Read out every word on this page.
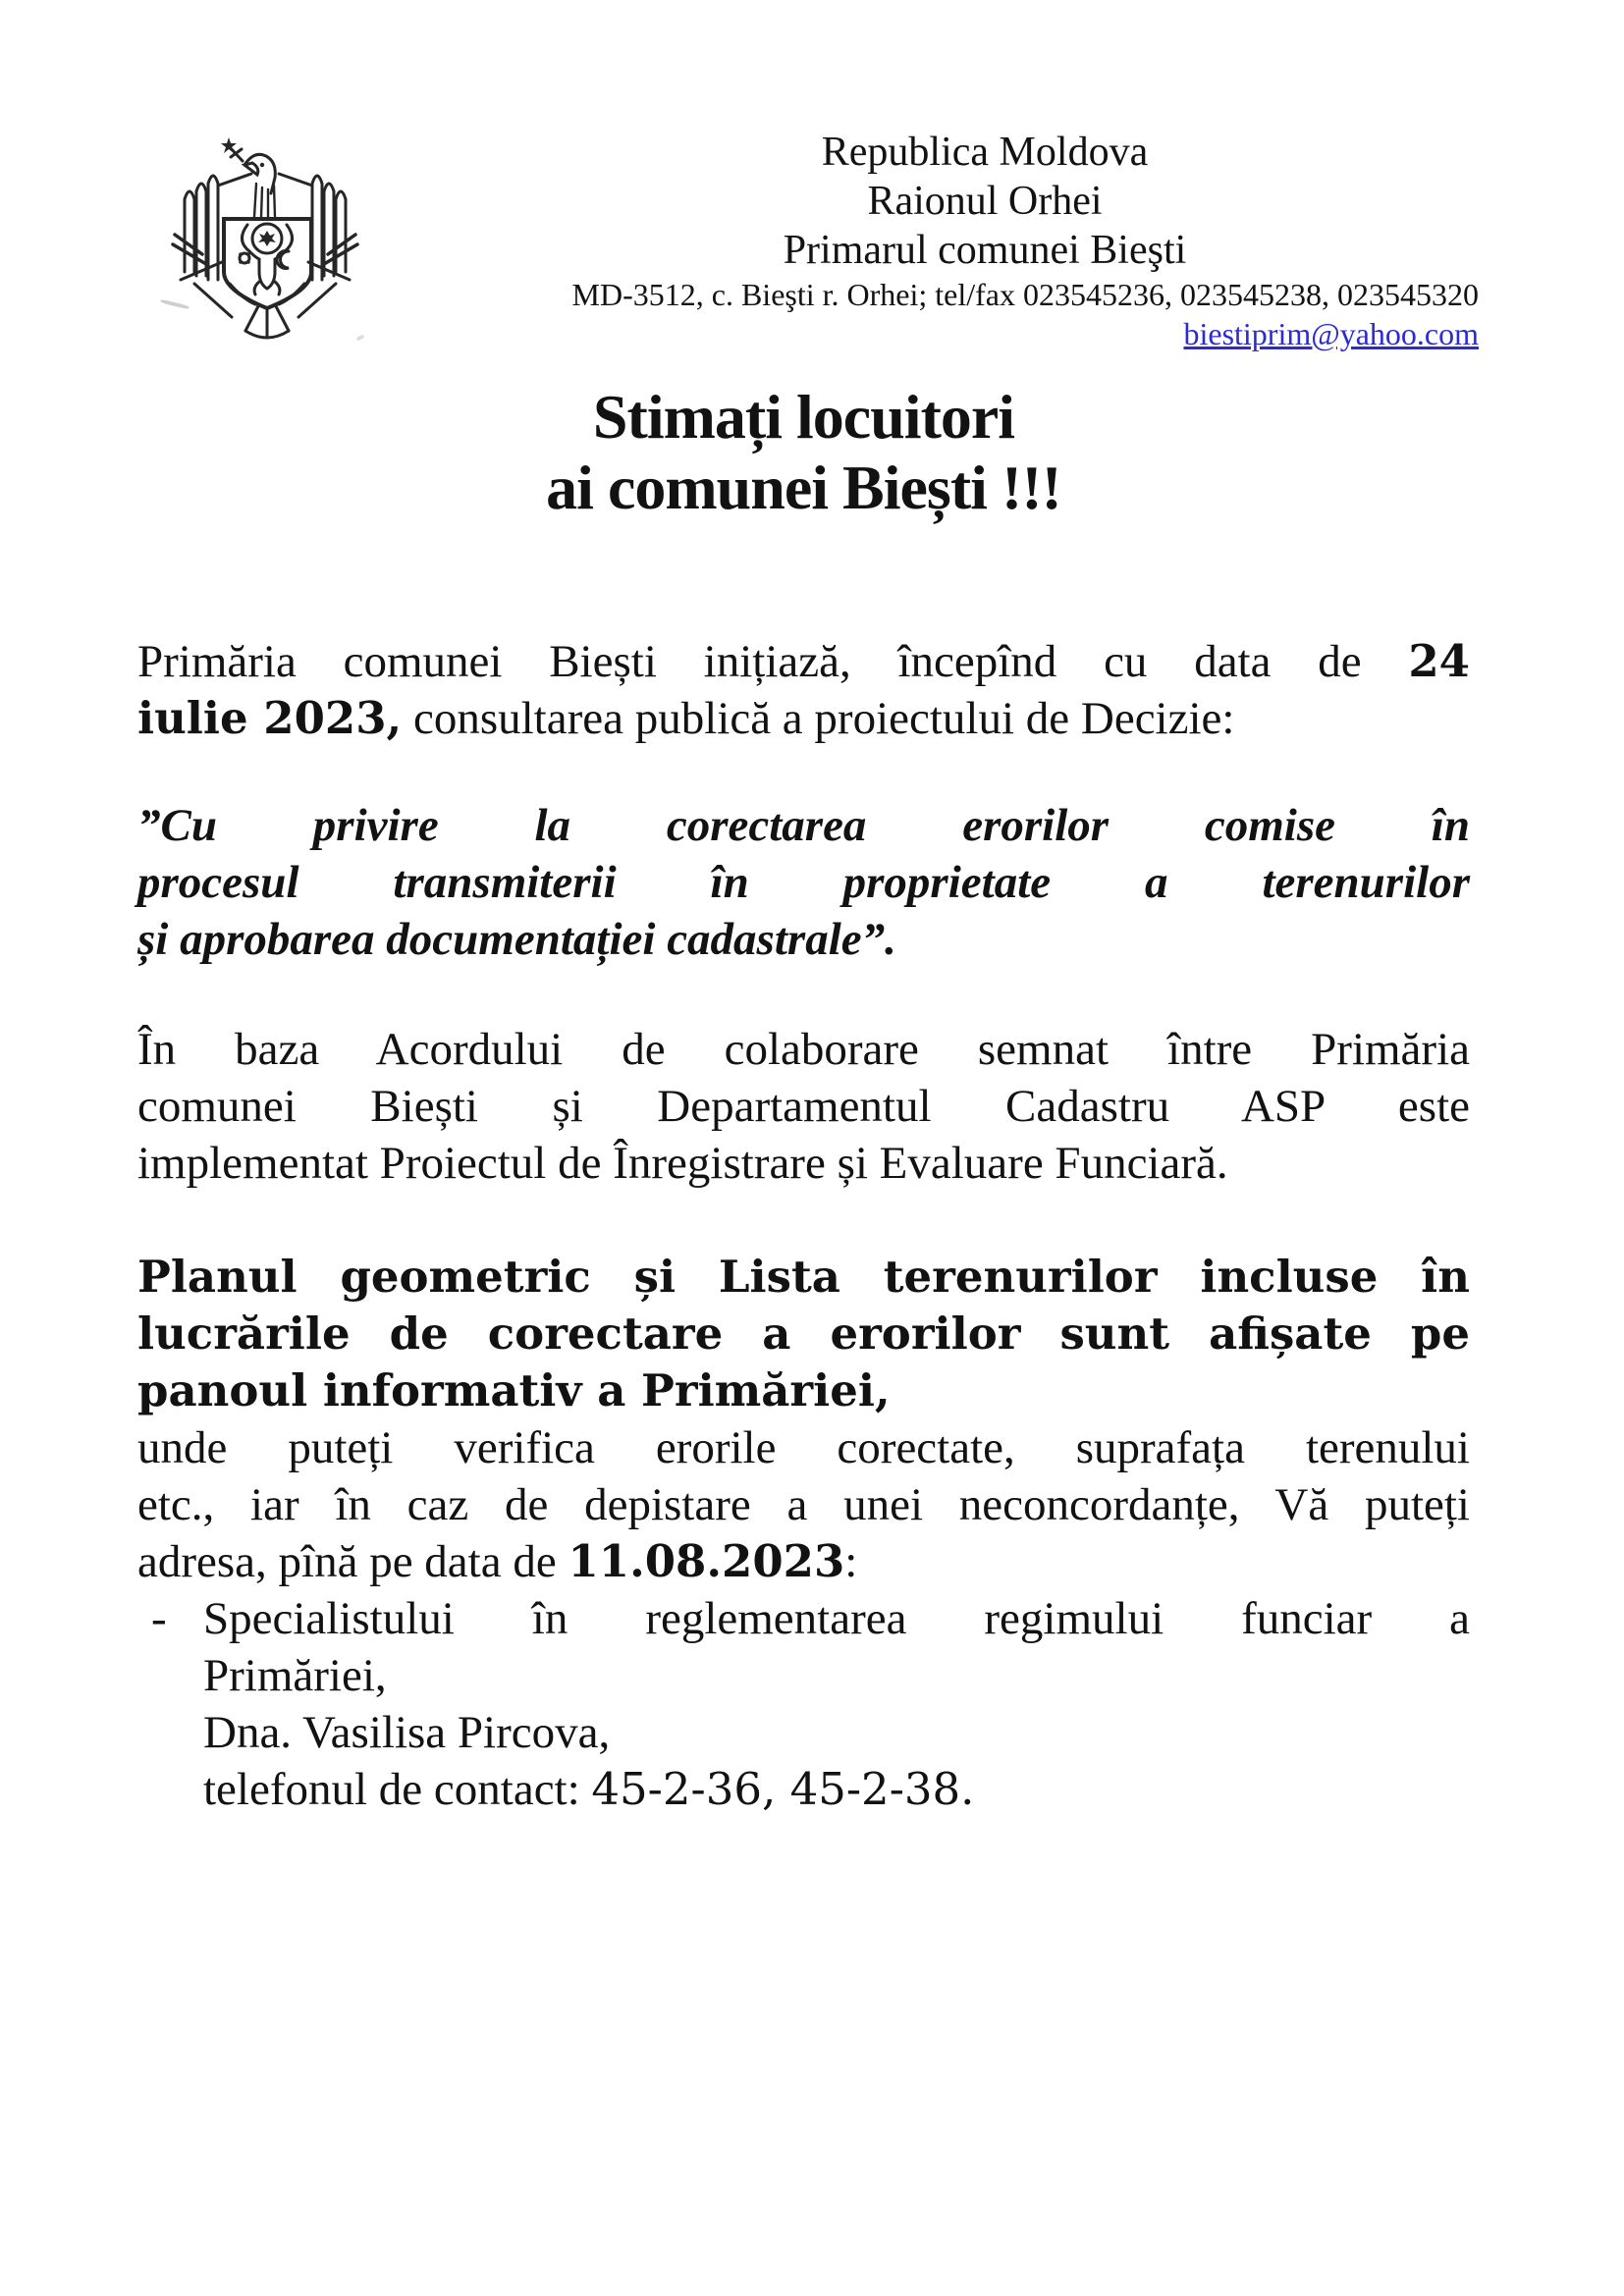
Republica Moldova
Raionul Orhei
Primarul comunei Bieşti
MD-3512, c. Bieşti r. Orhei; tel/fax 023545236, 023545238, 023545320
biestiprim@yahoo.com
Stimați locuitori
ai comunei Biești !!!
Primăria comunei Biești inițiază, începînd cu data de 24
iulie 2023, consultarea publică a proiectului de Decizie:
”Cu privire la corectarea erorilor comise în
procesul transmiterii în proprietate a terenurilor
și aprobarea documentației cadastrale”.
În baza Acordului de colaborare semnat între Primăria
comunei Biești și Departamentul Cadastru ASP este
implementat Proiectul de Înregistrare și Evaluare Funciară.
Planul geometric și Lista terenurilor incluse în
lucrările de corectare a erorilor sunt afișate pe
panoul informativ a Primăriei,
unde puteți verifica erorile corectate, suprafața terenului
etc., iar în caz de depistare a unei neconcordanțe, Vă puteți
adresa, pînă pe data de 11.08.2023:
- Specialistului în reglementarea regimului funciar a
Primăriei,
Dna. Vasilisa Pircova,
telefonul de contact: 45-2-36, 45-2-38.
